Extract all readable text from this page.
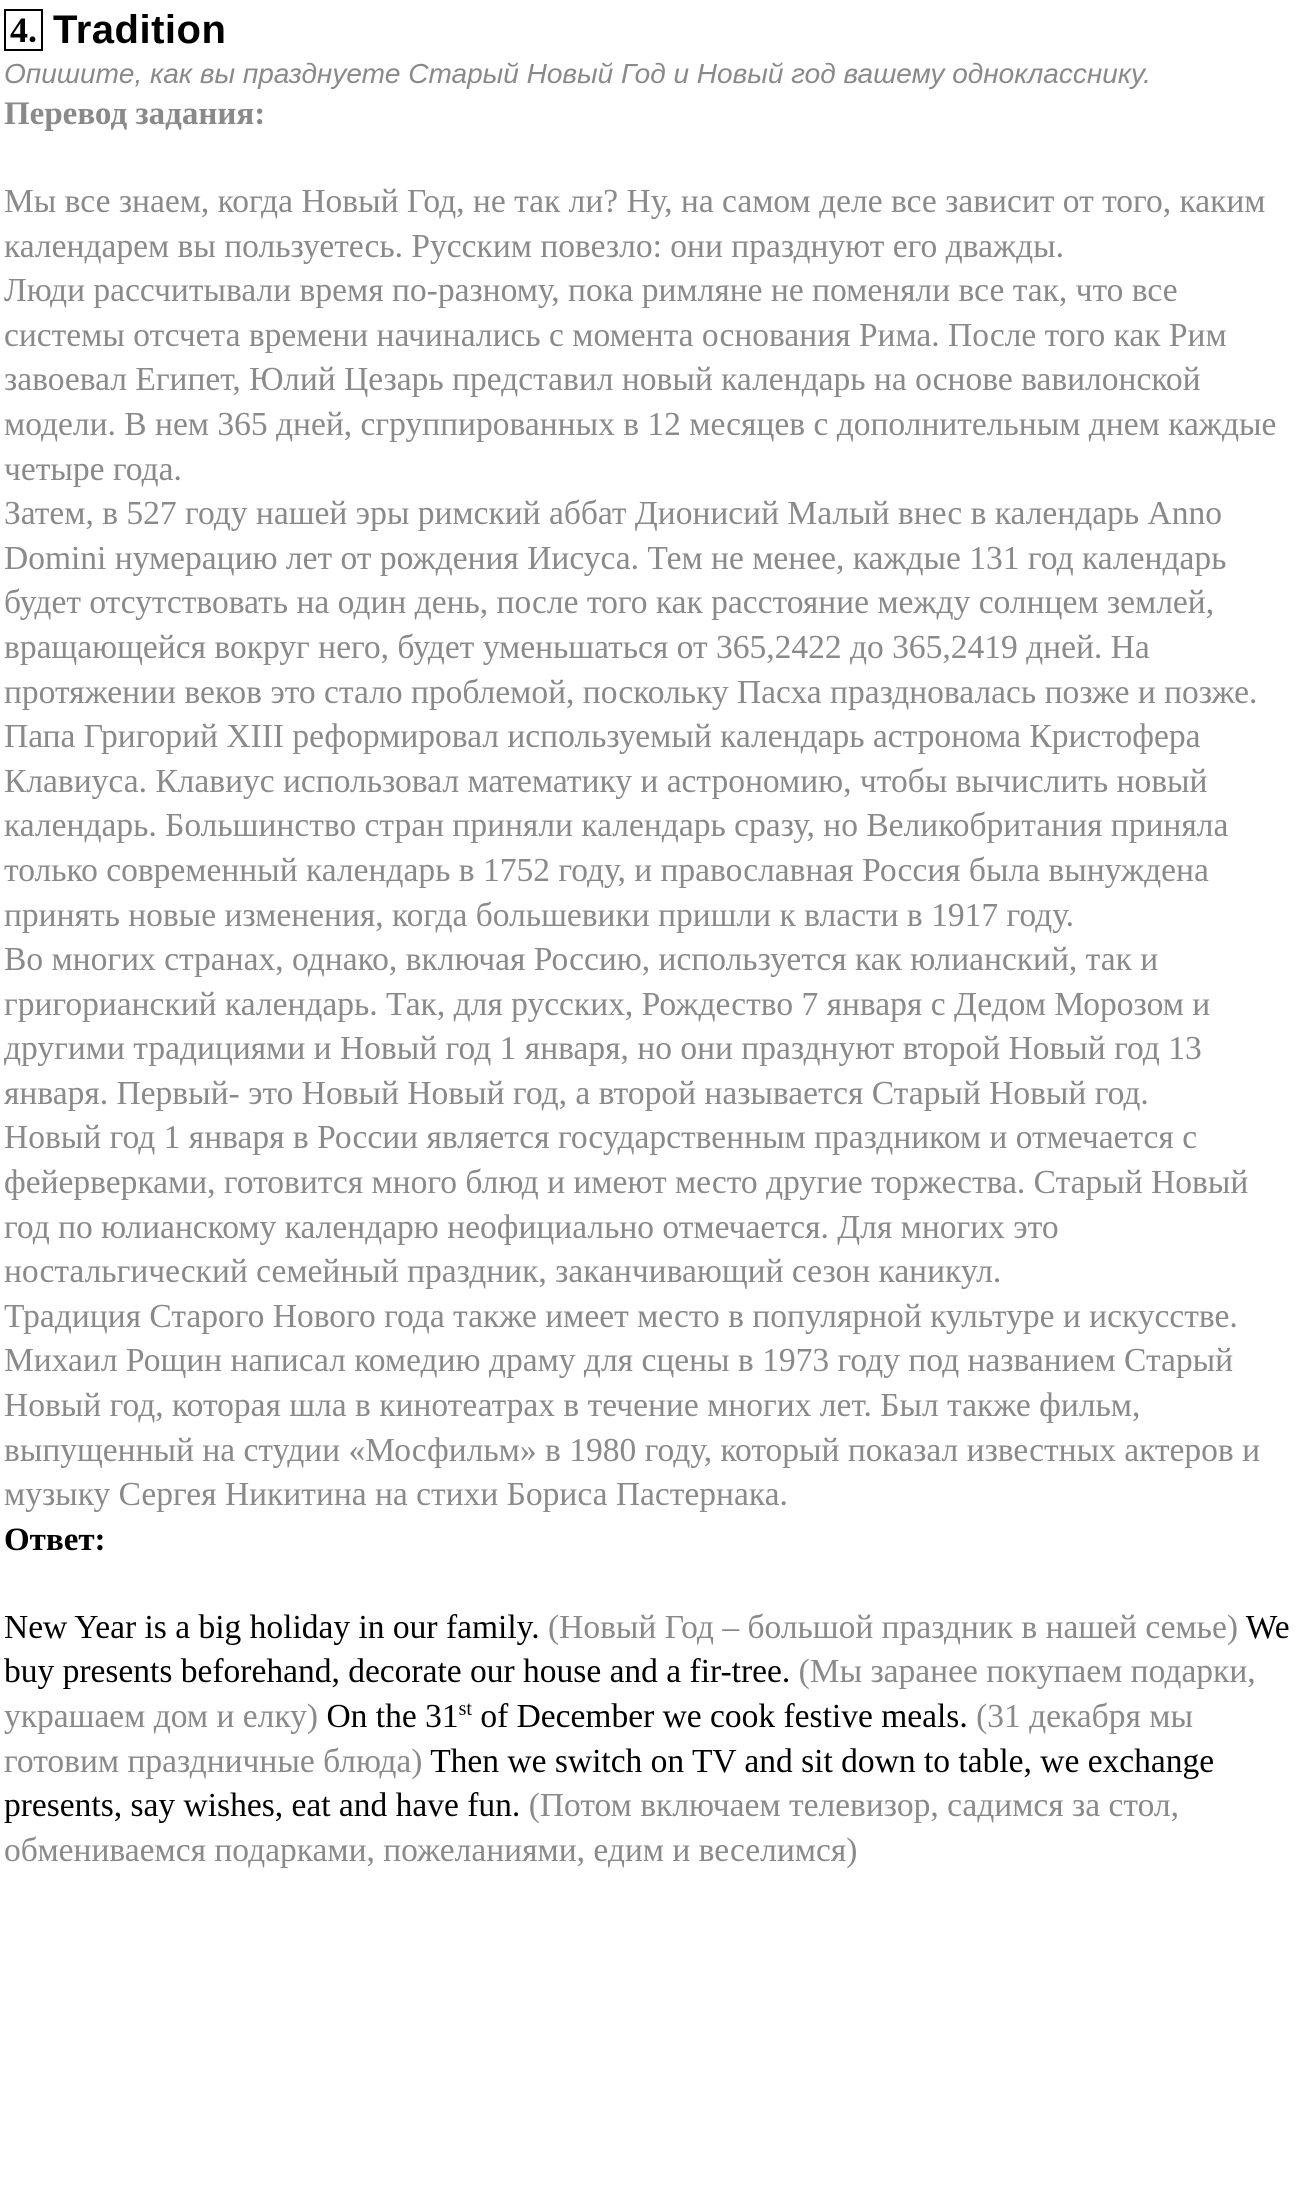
4. Tradition
Опишите, как вы празднуете Старый Новый Год и Новый год вашему однокласснику.
Перевод задания:

Мы все знаем, когда Новый Год, не так ли? Ну, на самом деле все зависит от того, каким календарем вы пользуетесь. Русским повезло: они празднуют его дважды.

Люди рассчитывали время по-разному, пока римляне не поменяли все так, что все системы отсчета времени начинались с момента основания Рима. После того как Рим завоевал Египет, Юлий Цезарь представил новый календарь на основе вавилонской модели. В нем 365 дней, сгруппированных в 12 месяцев с дополнительным днем каждые четыре года.

Затем, в 527 году нашей эры римский аббат Дионисий Малый внес в календарь Anno Domini нумерацию лет от рождения Иисуса. Тем не менее, каждые 131 год календарь будет отсутствовать на один день, после того как расстояние между солнцем землей, вращающейся вокруг него, будет уменьшаться от 365,2422 до 365,2419 дней. На протяжении веков это стало проблемой, поскольку Пасха праздновалась позже и позже.

Папа Григорий XIII реформировал используемый календарь астронома Кристофера Клавиуса. Клавиус использовал математику и астрономию, чтобы вычислить новый календарь. Большинство стран приняли календарь сразу, но Великобритания приняла только современный календарь в 1752 году, и православная Россия была вынуждена принять новые изменения, когда большевики пришли к власти в 1917 году.

Во многих странах, однако, включая Россию, используется как юлианский, так и григорианский календарь. Так, для русских, Рождество 7 января с Дедом Морозом и другими традициями и Новый год 1 января, но они празднуют второй Новый год 13 января. Первый- это Новый Новый год, а второй называется Старый Новый год.

Новый год 1 января в России является государственным праздником и отмечается с фейерверками, готовится много блюд и имеют место другие торжества. Старый Новый год по юлианскому календарю неофициально отмечается. Для многих это ностальгический семейный праздник, заканчивающий сезон каникул.

Традиция Старого Нового года также имеет место в популярной культуре и искусстве. Михаил Рощин написал комедию драму для сцены в 1973 году под названием Старый Новый год, которая шла в кинотеатрах в течение многих лет. Был также фильм, выпущенный на студии «Мосфильм» в 1980 году, который показал известных актеров и музыку Сергея Никитина на стихи Бориса Пастернака.

Ответ:

New Year is a big holiday in our family. (Новый Год – большой праздник в нашей семье) We buy presents beforehand, decorate our house and a fir-tree. (Мы заранее покупаем подарки, украшаем дом и елку) On the 31st of December we cook festive meals. (31 декабря мы готовим праздничные блюда) Then we switch on TV and sit down to table, we exchange presents, say wishes, eat and have fun. (Потом включаем телевизор, садимся за стол, обмениваемся подарками, пожеланиями, едим и веселимся)
